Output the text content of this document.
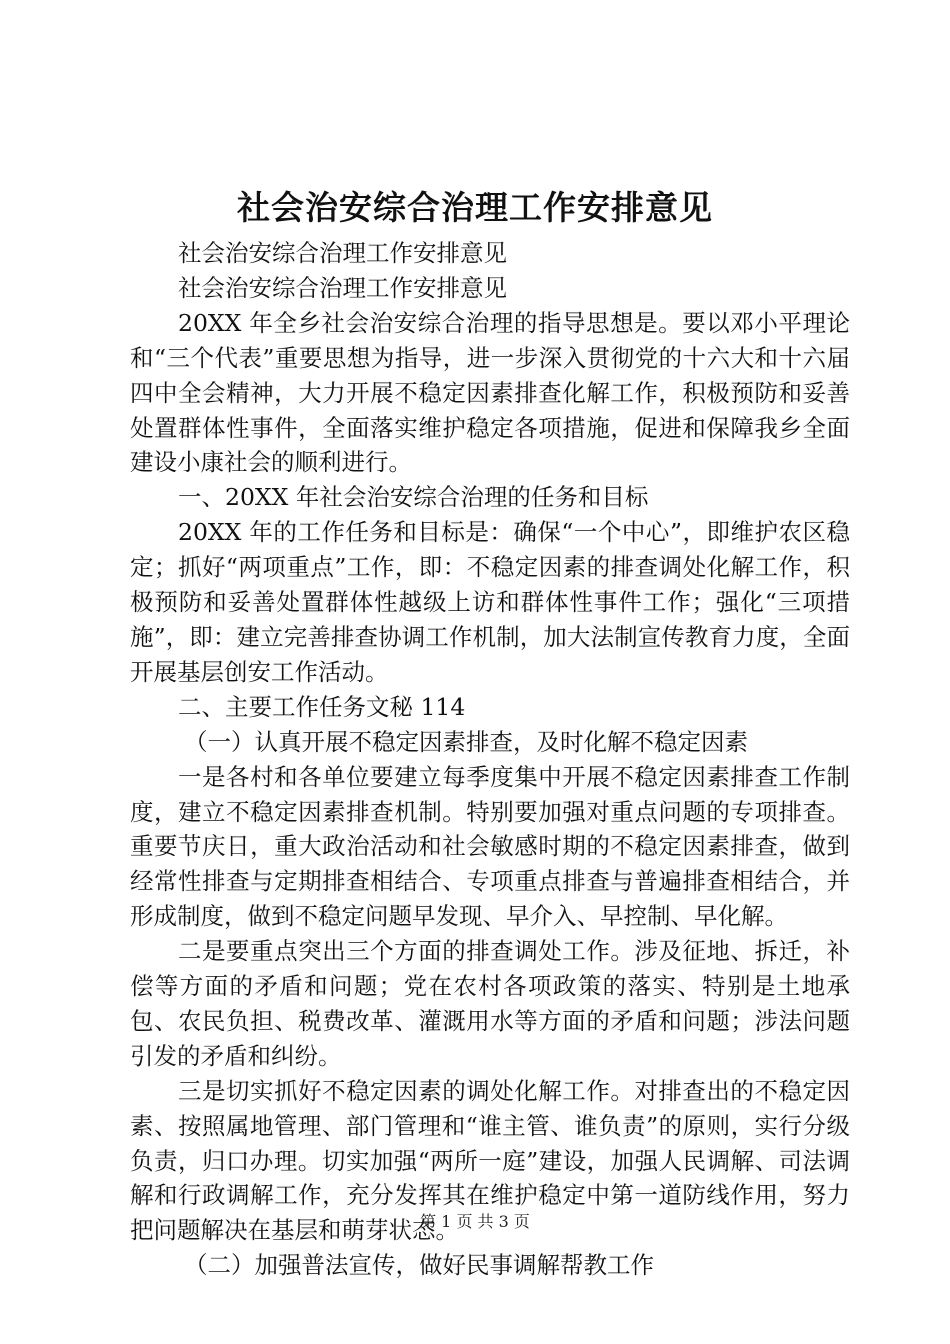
社会治安综合治理工作安排意见

社会治安综合治理工作安排意见

社会治安综合治理工作安排意见

20XX 年全乡社会治安综合治理的指导思想是。要以邓小平理论和“三个代表”重要思想为指导，进一步深入贯彻党的十六大和十六届四中全会精神，大力开展不稳定因素排查化解工作，积极预防和妥善处置群体性事件，全面落实维护稳定各项措施，促进和保障我乡全面建设小康社会的顺利进行。

一、20XX 年社会治安综合治理的任务和目标

20XX 年的工作任务和目标是：确保“一个中心”，即维护农区稳定；抓好“两项重点”工作，即：不稳定因素的排查调处化解工作，积极预防和妥善处置群体性越级上访和群体性事件工作；强化“三项措施”，即：建立完善排查协调工作机制，加大法制宣传教育力度，全面开展基层创安工作活动。

二、主要工作任务文秘 114

（一）认真开展不稳定因素排查，及时化解不稳定因素

一是各村和各单位要建立每季度集中开展不稳定因素排查工作制度，建立不稳定因素排查机制。特别要加强对重点问题的专项排查。重要节庆日，重大政治活动和社会敏感时期的不稳定因素排查，做到经常性排查与定期排查相结合、专项重点排查与普遍排查相结合，并形成制度，做到不稳定问题早发现、早介入、早控制、早化解。

二是要重点突出三个方面的排查调处工作。涉及征地、拆迁，补偿等方面的矛盾和问题；党在农村各项政策的落实、特别是土地承包、农民负担、税费改革、灌溉用水等方面的矛盾和问题；涉法问题引发的矛盾和纠纷。

三是切实抓好不稳定因素的调处化解工作。对排查出的不稳定因素、按照属地管理、部门管理和“谁主管、谁负责”的原则，实行分级负责，归口办理。切实加强“两所一庭”建设，加强人民调解、司法调解和行政调解工作，充分发挥其在维护稳定中第一道防线作用，努力把问题解决在基层和萌芽状态。

（二）加强普法宣传，做好民事调解帮教工作

第 1 页 共 3 页
